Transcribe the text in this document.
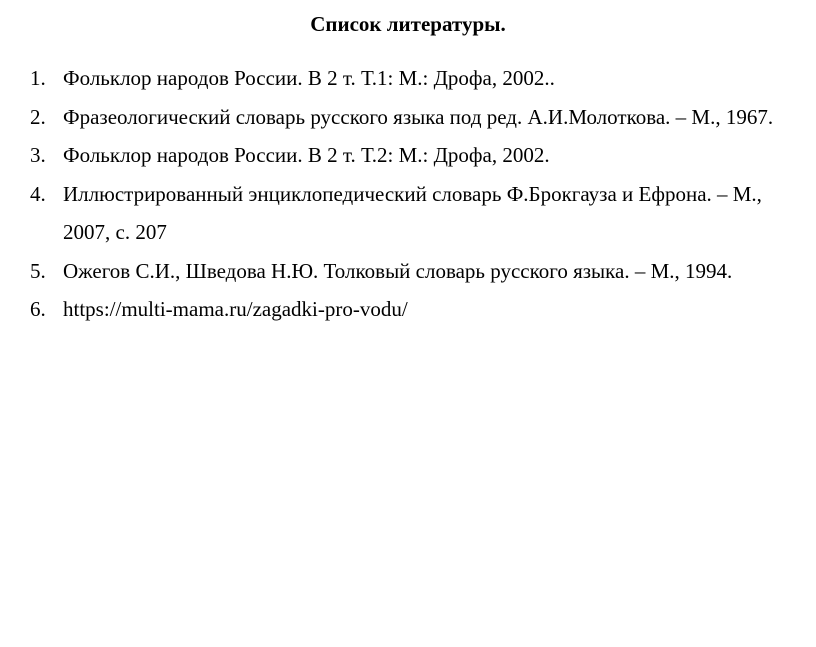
Список литературы.
1. Фольклор народов России. В 2 т. Т.1: М.: Дрофа, 2002..
2. Фразеологический словарь русского языка под ред. А.И.Молоткова. – М., 1967.
3. Фольклор народов России. В 2 т. Т.2: М.: Дрофа, 2002.
4. Иллюстрированный энциклопедический словарь Ф.Брокгауза и Ефрона. – М., 2007, с. 207
5. Ожегов С.И., Шведова Н.Ю. Толковый словарь русского языка. – М., 1994.
6. https://multi-mama.ru/zagadki-pro-vodu/
